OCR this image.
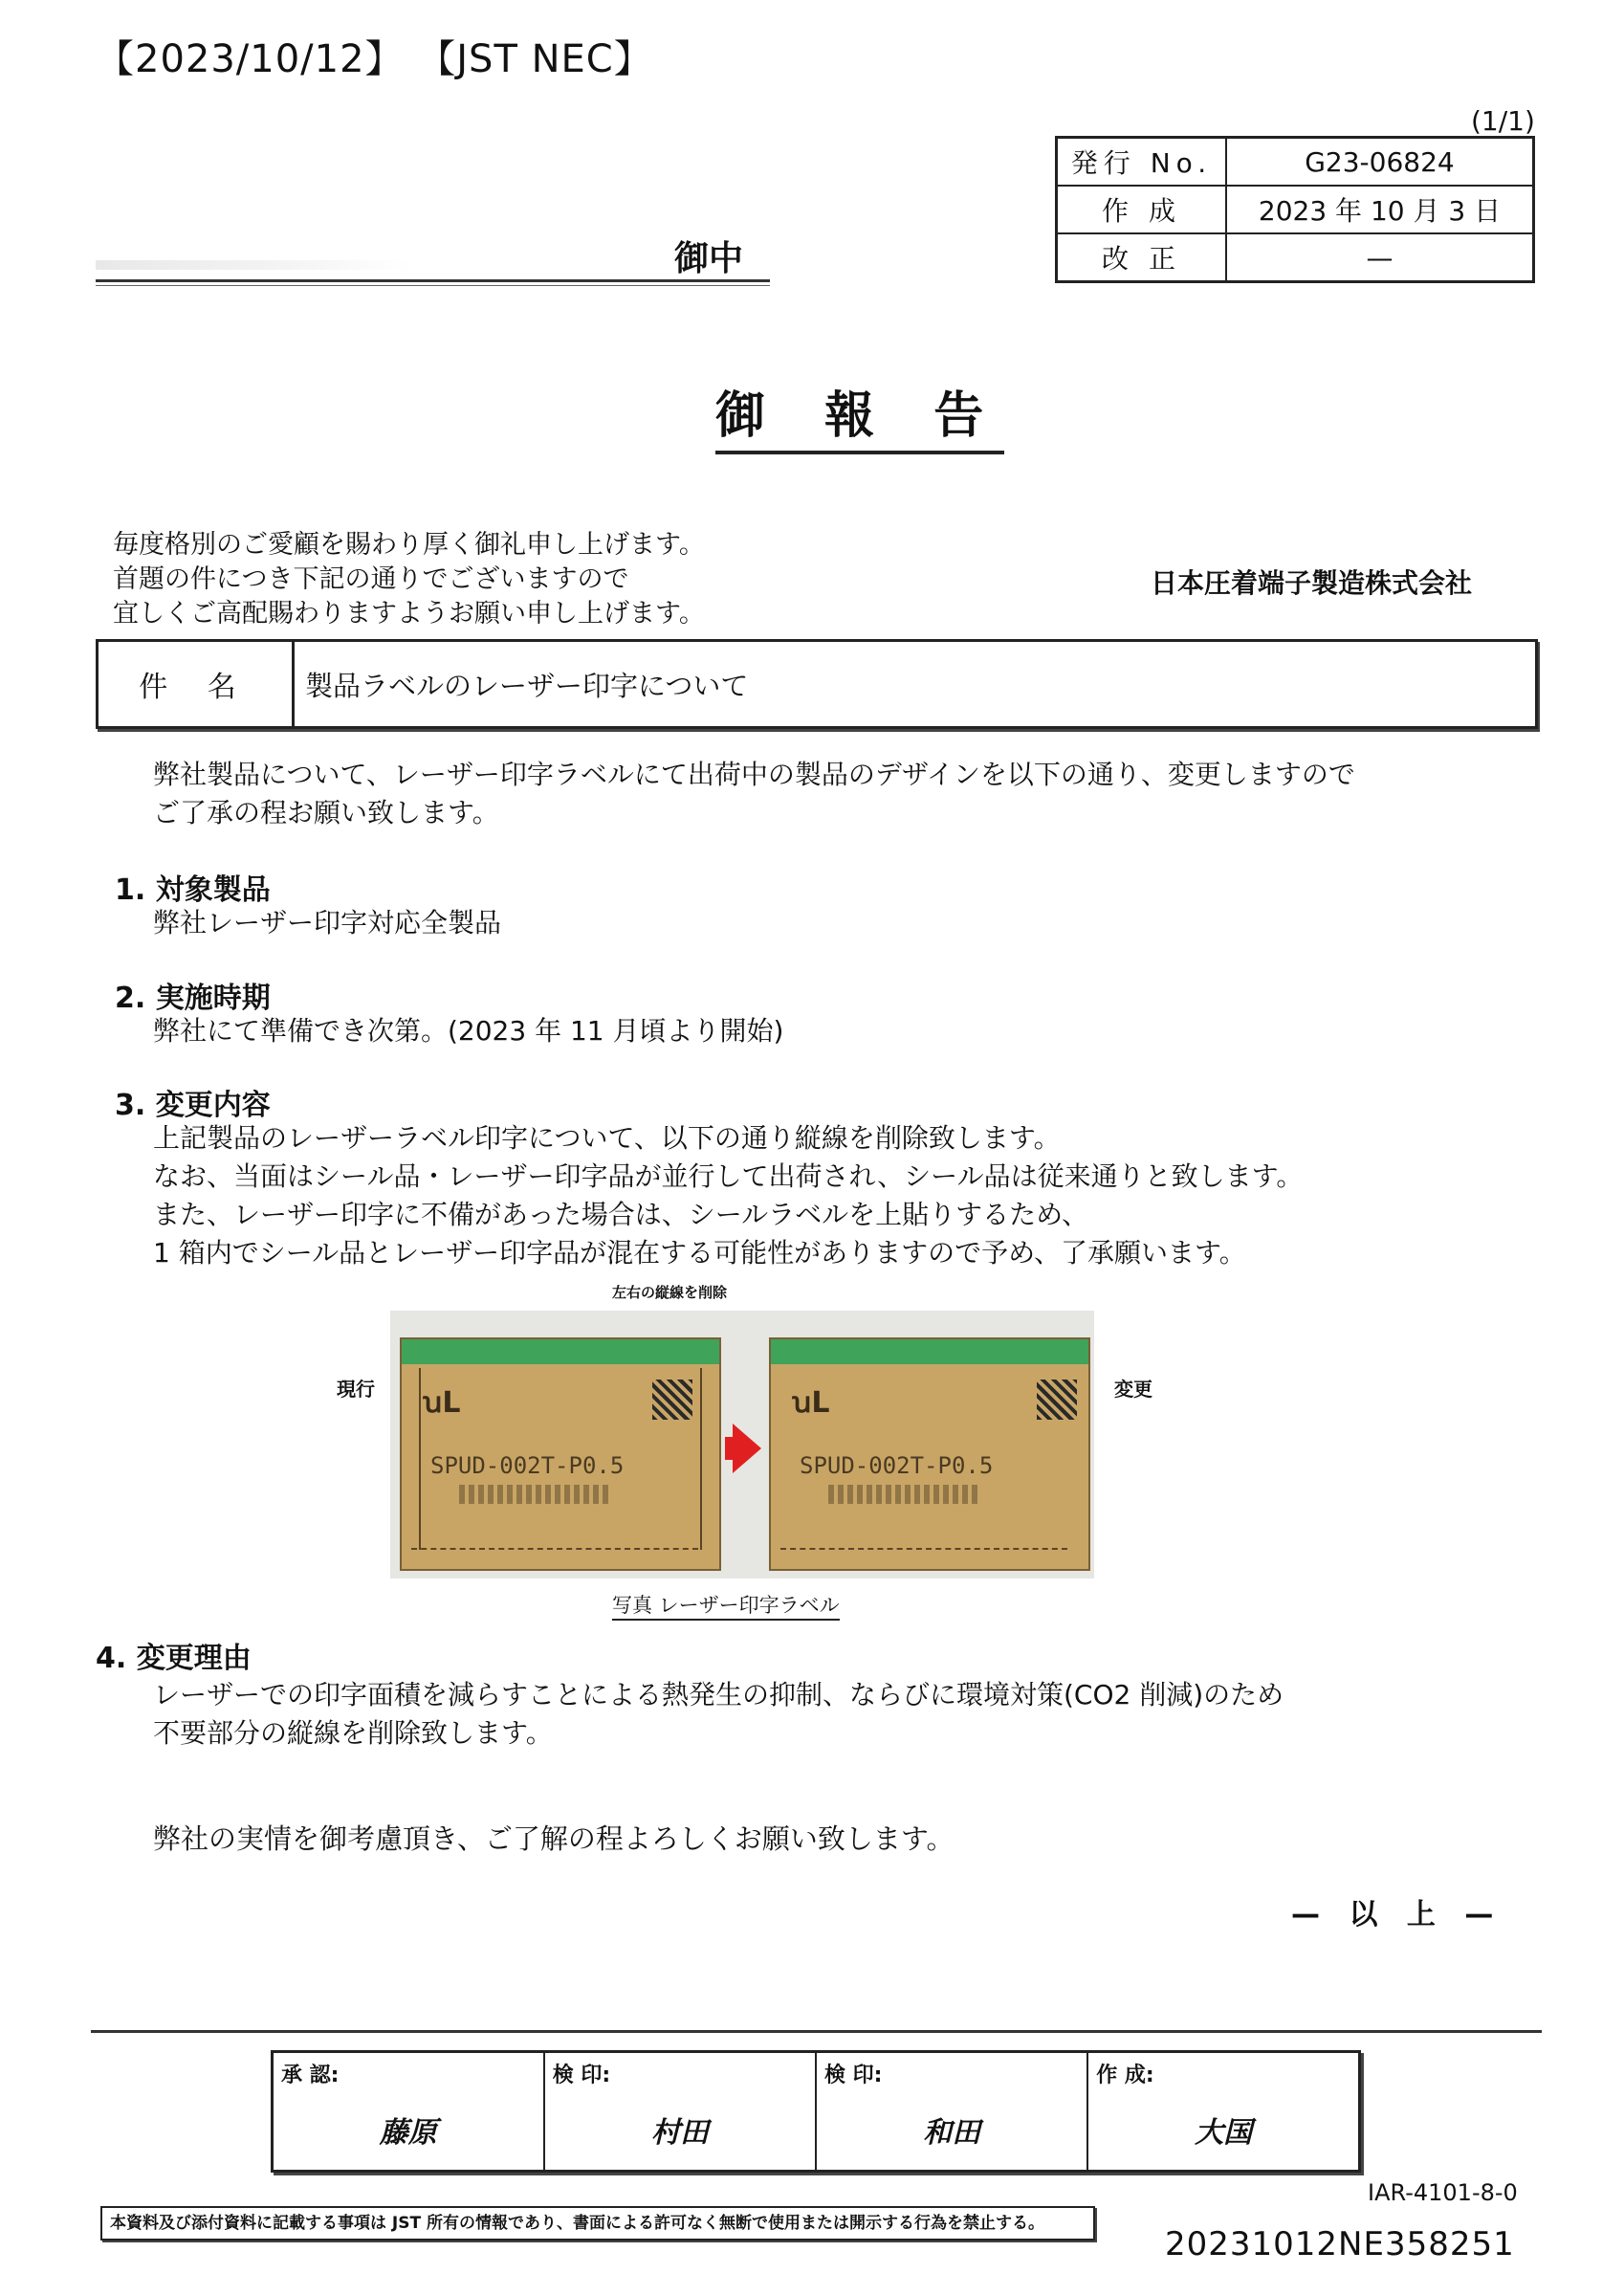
【2023/10/12】 【JST NEC】
(1/1)
発行 No.	G23-06824
作 成	2023 年 10 月 3 日
改 正	—
御中
御 報 告
毎度格別のご愛顧を賜わり厚く御礼申し上げます。
首題の件につき下記の通りでございますので
宜しくご高配賜わりますようお願い申し上げます。
日本圧着端子製造株式会社
件 名	製品ラベルのレーザー印字について
弊社製品について、レーザー印字ラベルにて出荷中の製品のデザインを以下の通り、変更しますので
ご了承の程お願い致します。
1. 対象製品
弊社レーザー印字対応全製品
2. 実施時期
弊社にて準備でき次第。(2023 年 11 月頃より開始)
3. 変更内容
上記製品のレーザーラベル印字について、以下の通り縦線を削除致します。
なお、当面はシール品・レーザー印字品が並行して出荷され、シール品は従来通りと致します。
また、レーザー印字に不備があった場合は、シールラベルを上貼りするため、
1 箱内でシール品とレーザー印字品が混在する可能性がありますので予め、了承願います。
左右の縦線を削除
現行	変更
ꭒL
SPUD-002T-P0.5
ꭒL
SPUD-002T-P0.5
写真 レーザー印字ラベル
4. 変更理由
レーザーでの印字面積を減らすことによる熱発生の抑制、ならびに環境対策(CO2 削減)のため
不要部分の縦線を削除致します。
弊社の実情を御考慮頂き、ご了解の程よろしくお願い致します。
— 以 上 —
承 認:
藤原

検 印:
村田

検 印:
和田

作 成:
大国
IAR-4101-8-0
本資料及び添付資料に記載する事項は JST 所有の情報であり、書面による許可なく無断で使用または開示する行為を禁止する。
20231012NE358251
